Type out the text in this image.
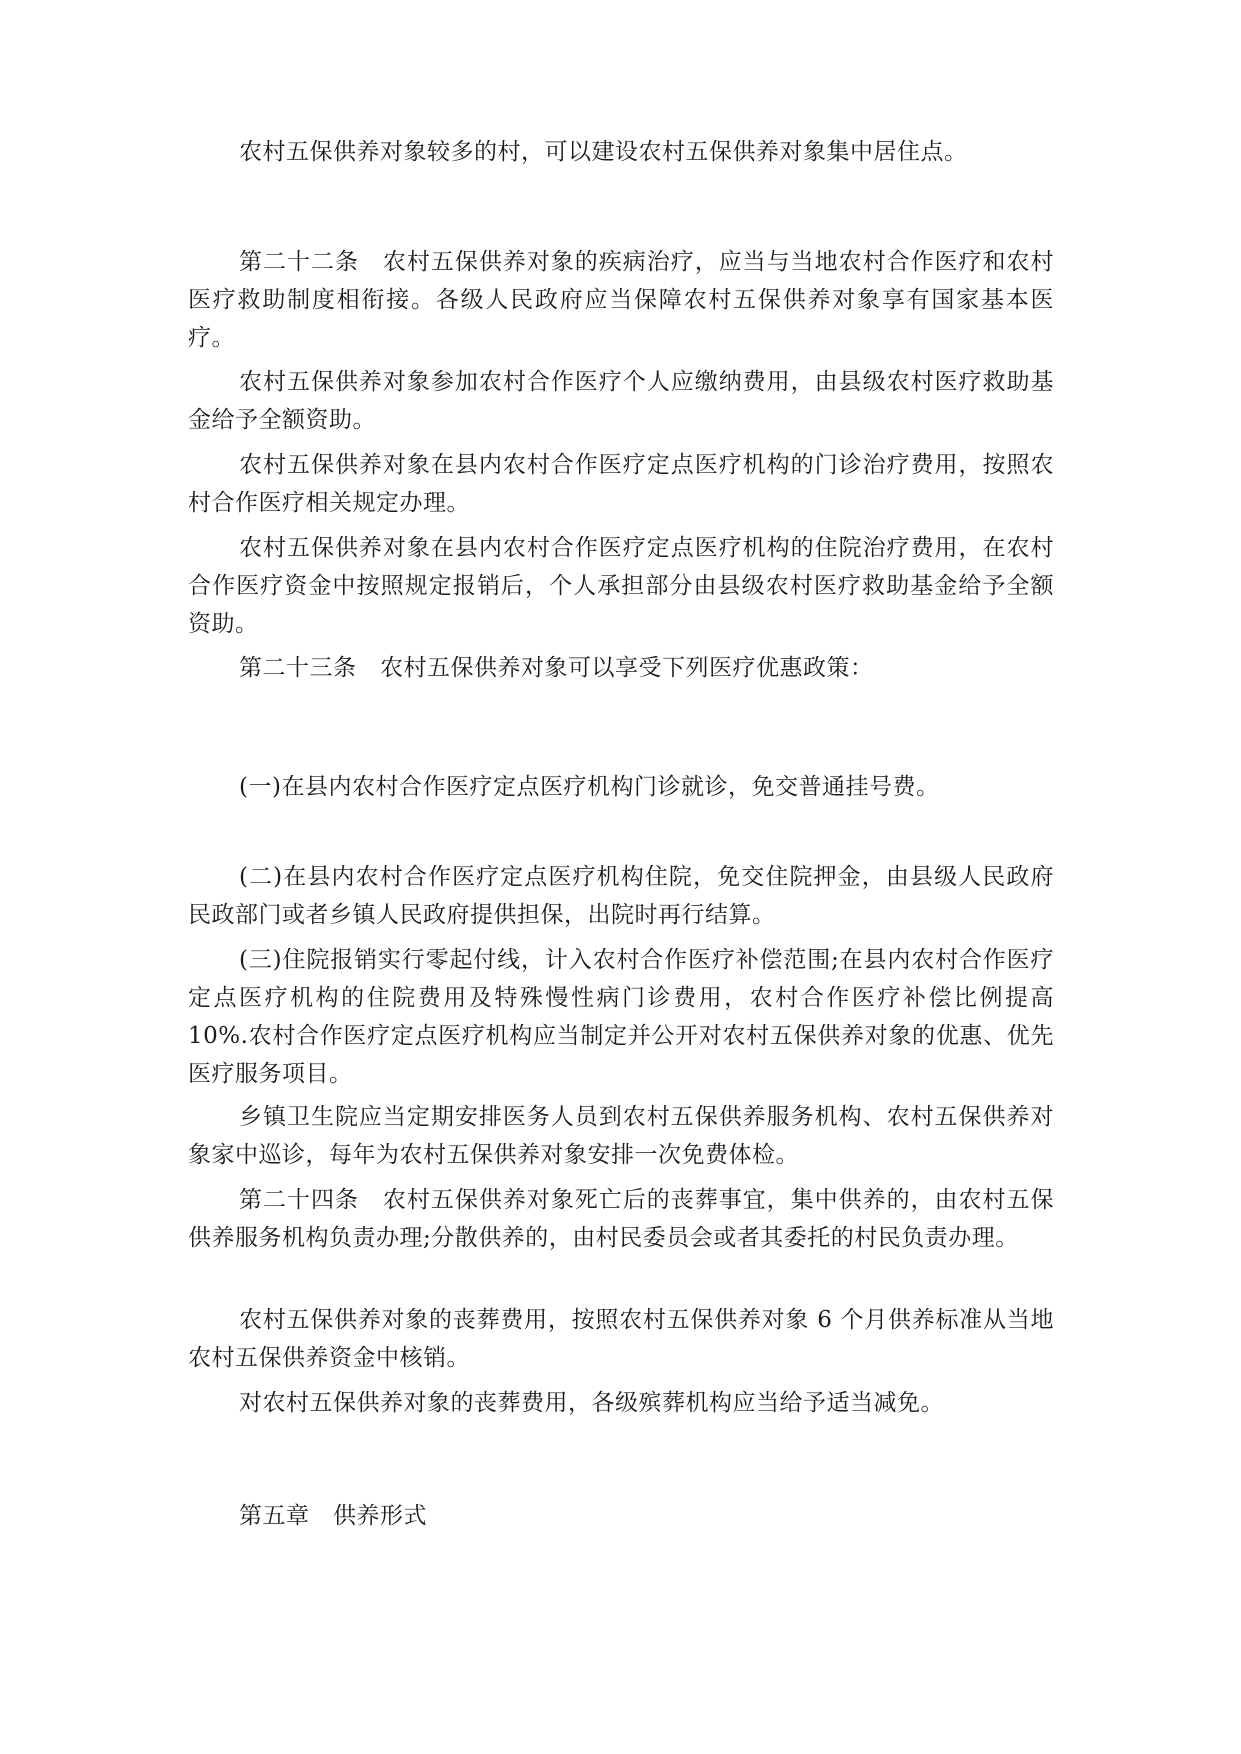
农村五保供养对象较多的村，可以建设农村五保供养对象集中居住点。

第二十二条　农村五保供养对象的疾病治疗，应当与当地农村合作医疗和农村医疗救助制度相衔接。各级人民政府应当保障农村五保供养对象享有国家基本医疗。

农村五保供养对象参加农村合作医疗个人应缴纳费用，由县级农村医疗救助基金给予全额资助。

农村五保供养对象在县内农村合作医疗定点医疗机构的门诊治疗费用，按照农村合作医疗相关规定办理。

农村五保供养对象在县内农村合作医疗定点医疗机构的住院治疗费用，在农村合作医疗资金中按照规定报销后，个人承担部分由县级农村医疗救助基金给予全额资助。

第二十三条　农村五保供养对象可以享受下列医疗优惠政策：

(一)在县内农村合作医疗定点医疗机构门诊就诊，免交普通挂号费。

(二)在县内农村合作医疗定点医疗机构住院，免交住院押金，由县级人民政府民政部门或者乡镇人民政府提供担保，出院时再行结算。

(三)住院报销实行零起付线，计入农村合作医疗补偿范围;在县内农村合作医疗定点医疗机构的住院费用及特殊慢性病门诊费用，农村合作医疗补偿比例提高 10%.农村合作医疗定点医疗机构应当制定并公开对农村五保供养对象的优惠、优先医疗服务项目。

乡镇卫生院应当定期安排医务人员到农村五保供养服务机构、农村五保供养对象家中巡诊，每年为农村五保供养对象安排一次免费体检。

第二十四条　农村五保供养对象死亡后的丧葬事宜，集中供养的，由农村五保供养服务机构负责办理;分散供养的，由村民委员会或者其委托的村民负责办理。

农村五保供养对象的丧葬费用，按照农村五保供养对象 6 个月供养标准从当地农村五保供养资金中核销。

对农村五保供养对象的丧葬费用，各级殡葬机构应当给予适当减免。

第五章　供养形式
